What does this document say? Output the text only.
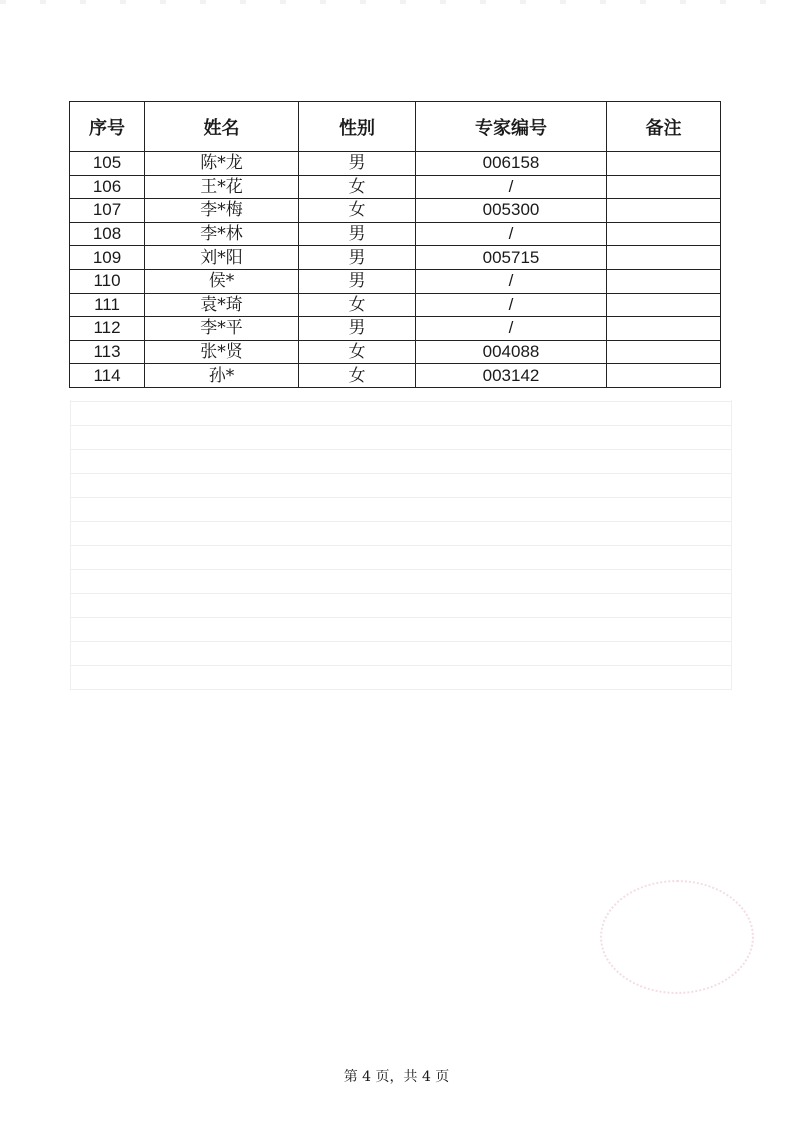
序号	姓名	性别	专家编号	备注
105	陈*龙	男	006158	
106	王*花	女	/	
107	李*梅	女	005300	
108	李*林	男	/	
109	刘*阳	男	005715	
110	侯*	男	/	
111	袁*琦	女	/	
112	李*平	男	/	
113	张*贤	女	004088	
114	孙*	女	003142	
第 4 页，共 4 页
